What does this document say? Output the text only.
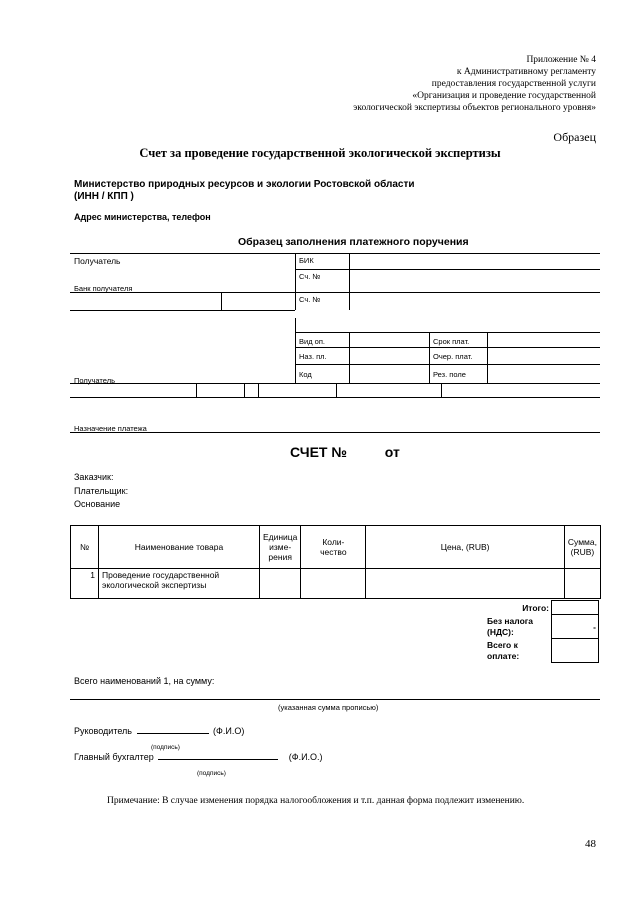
Приложение № 4
к Административному регламенту
предоставления государственной услуги
«Организация и проведение государственной
экологической экспертизы объектов регионального уровня»
Образец
Счет за проведение государственной экологической экспертизы
Министерство природных ресурсов и экологии Ростовской области
(ИНН / КПП )
Адрес министерства, телефон
Образец заполнения платежного поручения
Получатель	БИК
Сч. №
Банк получателя
Сч. №
Вид оп.	Срок плат.
Наз. пл.	Очер. плат.
Код	Рез. поле
Получатель
Назначение платежа
СЧЕТ №	от
Заказчик:
Плательщик:
Основание
№	Наименование товара	Единица изме-рения	Коли-чество	Цена, (RUB)	Сумма, (RUB)
1	Проведение государственной экологической экспертизы				
Итого:	
Без налога (НДС):	-
Всего к оплате:	
Всего наименований 1, на сумму:
(указанная сумма прописью)
Руководитель	(Ф.И.О)
(подпись)
Главный бухгалтер	(Ф.И.О.)
(подпись)
Примечание: В случае изменения порядка налогообложения и т.п. данная форма подлежит изменению.
48
